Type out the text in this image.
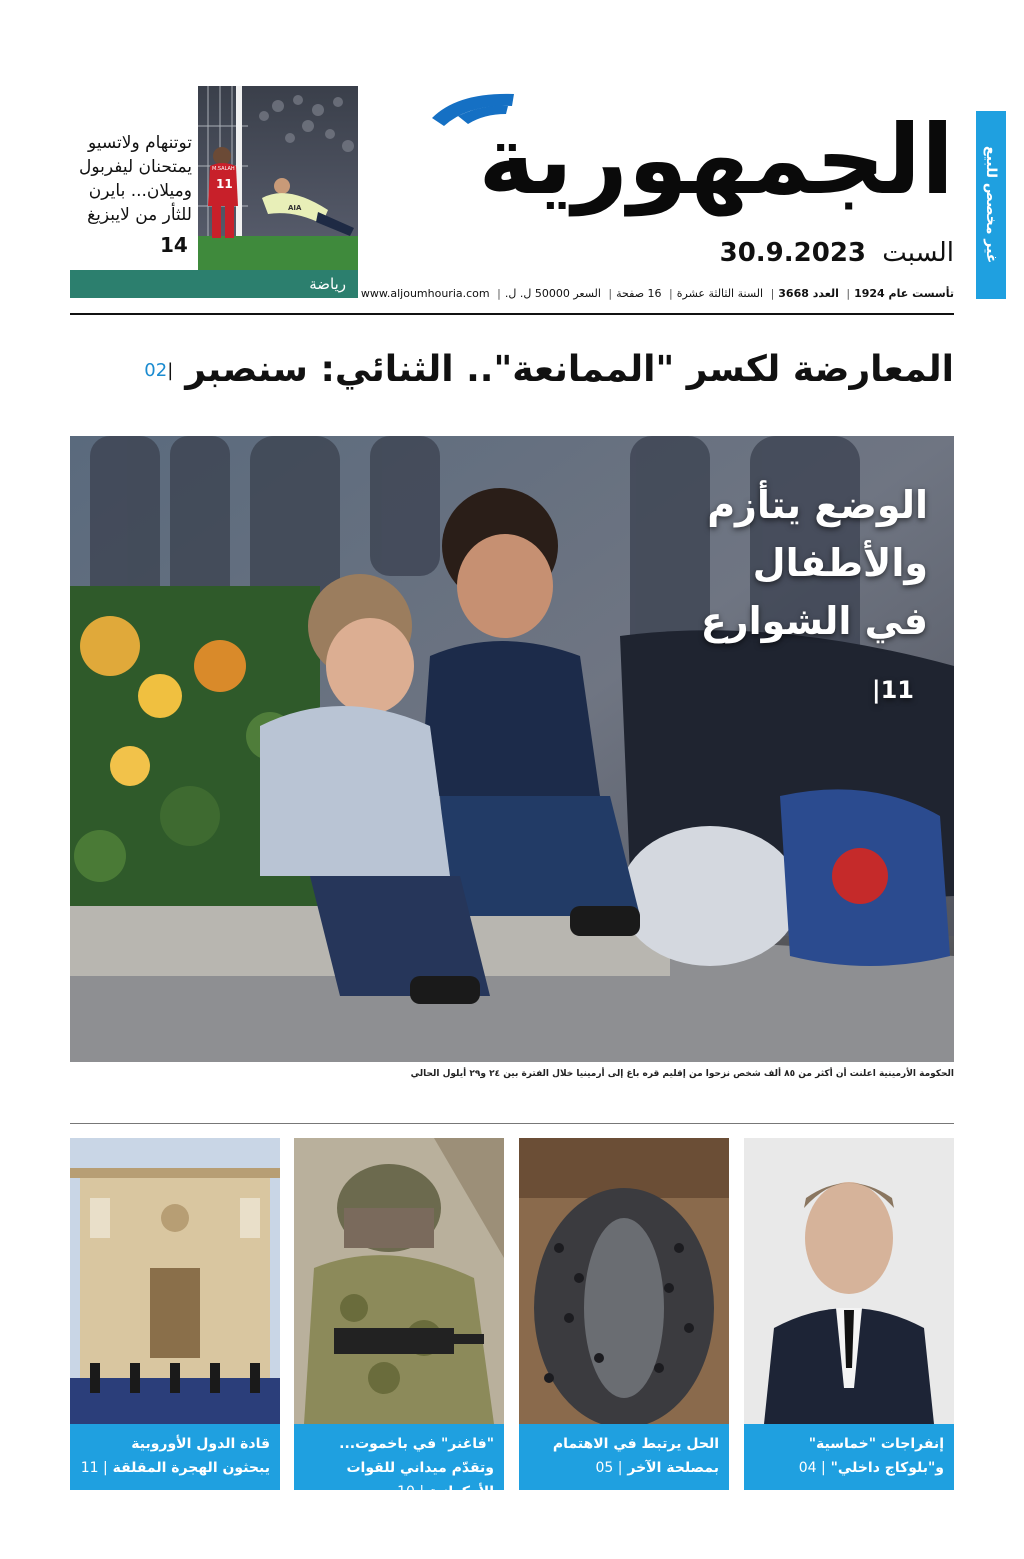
غير مخصص للبيع
الجمهورية
السبت 30.9.2023
تأسست عام 1924| العدد 3668| السنة الثالثة عشرة| 16 صفحة| السعر 50000 ل. ل.| www.aljoumhouria.com
توتنهام ولاتسيو يمتحنان ليفربول وميلان... بايرن للثأر من لايبزيغ
14
11
M.SALAH
AIA
رياضة
المعارضة لكسر "الممانعة".. الثنائي: سنصبر
|02
الوضع يتأزم
والأطفال
في الشوارع
|11
الحكومة الأرمينية اعلنت أن أكثر من ٨٥ ألف شخص نزحوا من إقليم قره باغ إلى أرمينيا خلال الفترة بين ٢٤ و٢٩ أيلول الحالي
إنفراجات "خماسية" و"بلوكاج داخلي" | 04
الحل يرتبط في الاهتمام بمصلحة الآخر | 05
"فاغنر" في باخموت... وتقدّم ميداني للقوات الأوكرانية | 10
قادة الدول الأوروبية يبحثون الهجرة المقلقة | 11
